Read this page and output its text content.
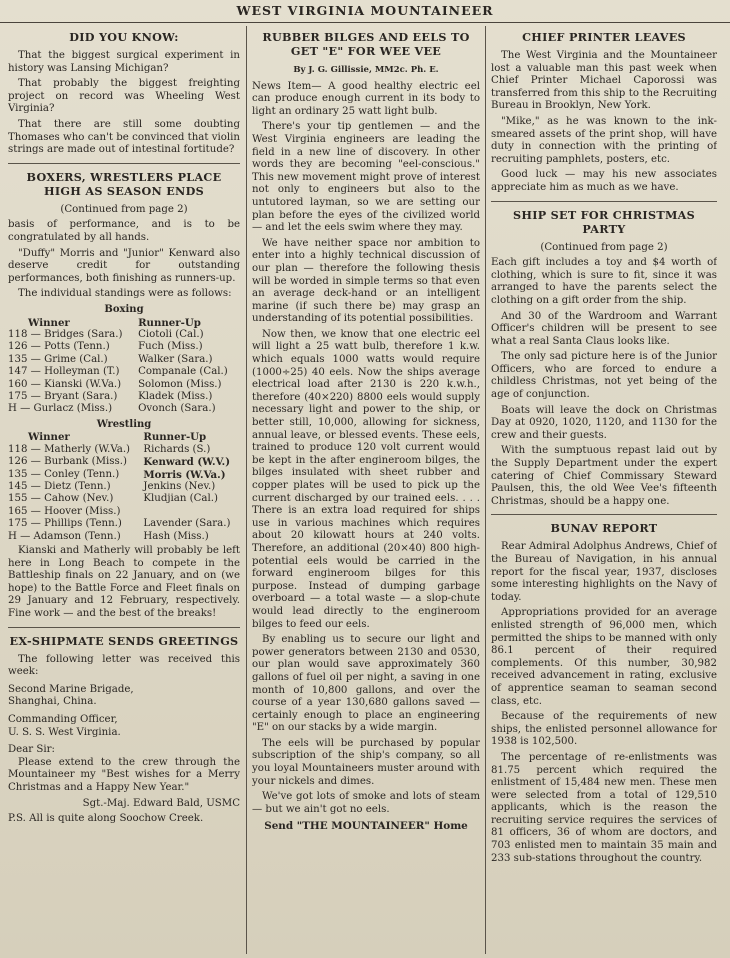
WEST VIRGINIA MOUNTAINEER
DID YOU KNOW:

That the biggest surgical experiment in history was Lansing Michigan?

That probably the biggest freighting project on record was Wheeling West Virginia?

That there are still some doubting Thomases who can't be convinced that violin strings are made out of intestinal fortitude?

BOXERS, WRESTLERS PLACE HIGH AS SEASON ENDS

(Continued from page 2)

basis of performance, and is to be congratulated by all hands.

"Duffy" Morris and "Junior" Kenward also deserve credit for outstanding performances, both finishing as runners-up.

The individual standings were as follows:

Boxing
Winner	Runner-Up
118 — Bridges (Sara.)	Ciotoli (Cal.)
126 — Potts (Tenn.)	Fuch (Miss.)
135 — Grime (Cal.)	Walker (Sara.)
147 — Holleyman (T.)	Companale (Cal.)
160 — Kianski (W.Va.)	Solomon (Miss.)
175 — Bryant (Sara.)	Kladek (Miss.)
H — Gurlacz (Miss.)	Ovonch (Sara.)
Wrestling
Winner	Runner-Up
118 — Matherly (W.Va.)	Richards (S.)
126 — Burbank (Miss.)	Kenward (W.V.)
135 — Conley (Tenn.)	Morris (W.Va.)
145 — Dietz (Tenn.)	Jenkins (Nev.)
155 — Cahow (Nev.)	Kludjian (Cal.)
165 — Hoover (Miss.)	
175 — Phillips (Tenn.)	Lavender (Sara.)
H — Adamson (Tenn.)	Hash (Miss.)

Kianski and Matherly will probably be left here in Long Beach to compete in the Battleship finals on 22 January, and on (we hope) to the Battle Force and Fleet finals on 29 January and 12 February, respectively. Fine work — and the best of the breaks!

EX-SHIPMATE SENDS GREETINGS

The following letter was received this week:

Second Marine Brigade,

Shanghai, China.

Commanding Officer,

U. S. S. West Virginia.

Dear Sir:

Please extend to the crew through the Mountaineer my "Best wishes for a Merry Christmas and a Happy New Year."

Sgt.-Maj. Edward Bald, USMC

P.S. All is quite along Soochow Creek.

RUBBER BILGES AND EELS TO GET "E" FOR WEE VEE
By J. G. Gillissie, MM2c. Ph. E.

News Item— A good healthy electric eel can produce enough current in its body to light an ordinary 25 watt light bulb.

There's your tip gentlemen — and the West Virginia engineers are leading the field in a new line of discovery. In other words they are becoming "eel-conscious." This new movement might prove of interest not only to engineers but also to the untutored layman, so we are setting our plan before the eyes of the civilized world — and let the eels swim where they may.

We have neither space nor ambition to enter into a highly technical discussion of our plan — therefore the following thesis will be worded in simple terms so that even an average deck-hand or an intelligent marine (if such there be) may grasp an understanding of its potential possibilities.

Now then, we know that one electric eel will light a 25 watt bulb, therefore 1 k.w. which equals 1000 watts would require (1000÷25) 40 eels. Now the ships average electrical load after 2130 is 220 k.w.h., therefore (40×220) 8800 eels would supply necessary light and power to the ship, or better still, 10,000, allowing for sickness, annual leave, or blessed events. These eels, trained to produce 120 volt current would be kept in the after engineroom bilges, the bilges insulated with sheet rubber and copper plates will be used to pick up the current discharged by our trained eels. . . . There is an extra load required for ships use in various machines which requires about 20 kilowatt hours at 240 volts. Therefore, an additional (20×40) 800 high-potential eels would be carried in the forward engineroom bilges for this purpose. Instead of dumping garbage overboard — a total waste — a slop-chute would lead directly to the engineroom bilges to feed our eels.

By enabling us to secure our light and power generators between 2130 and 0530, our plan would save approximately 360 gallons of fuel oil per night, a saving in one month of 10,800 gallons, and over the course of a year 130,680 gallons saved — certainly enough to place an engineering "E" on our stacks by a wide margin.

The eels will be purchased by popular subscription of the ship's company, so all you loyal Mountaineers muster around with your nickels and dimes.

We've got lots of smoke and lots of steam — but we ain't got no eels.

Send "THE MOUNTAINEER" Home
CHIEF PRINTER LEAVES

The West Virginia and the Mountaineer lost a valuable man this past week when Chief Printer Michael Caporossi was transferred from this ship to the Recruiting Bureau in Brooklyn, New York.

"Mike," as he was known to the ink-smeared assets of the print shop, will have duty in connection with the printing of recruiting pamphlets, posters, etc.

Good luck — may his new associates appreciate him as much as we have.

SHIP SET FOR CHRISTMAS PARTY

(Continued from page 2)

Each gift includes a toy and $4 worth of clothing, which is sure to fit, since it was arranged to have the parents select the clothing on a gift order from the ship.

And 30 of the Wardroom and Warrant Officer's children will be present to see what a real Santa Claus looks like.

The only sad picture here is of the Junior Officers, who are forced to endure a childless Christmas, not yet being of the age of conjunction.

Boats will leave the dock on Christmas Day at 0920, 1020, 1120, and 1130 for the crew and their guests.

With the sumptuous repast laid out by the Supply Department under the expert catering of Chief Commissary Steward Paulsen, this, the old Wee Vee's fifteenth Christmas, should be a happy one.

BUNAV REPORT

Rear Admiral Adolphus Andrews, Chief of the Bureau of Navigation, in his annual report for the fiscal year, 1937, discloses some interesting highlights on the Navy of today.

Appropriations provided for an average enlisted strength of 96,000 men, which permitted the ships to be manned with only 86.1 percent of their required complements. Of this number, 30,982 received advancement in rating, exclusive of apprentice seaman to seaman second class, etc.

Because of the requirements of new ships, the enlisted personnel allowance for 1938 is 102,500.

The percentage of re-enlistments was 81.75 percent which required the enlistment of 15,484 new men. These men were selected from a total of 129,510 applicants, which is the reason the recruiting service requires the services of 81 officers, 36 of whom are doctors, and 703 enlisted men to maintain 35 main and 233 sub-stations throughout the country.
